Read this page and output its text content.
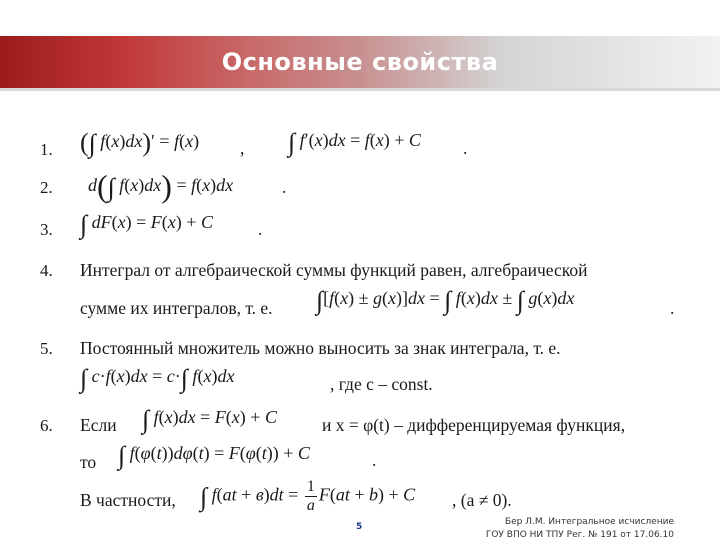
Основные свойства
1. (∫ f(x)dx)′ = f(x) , ∫ f′(x)dx = f(x) + C .
2. d(∫ f(x)dx) = f(x)dx	.
3. ∫ dF(x) = F(x) + C	.
4. Интеграл от алгебраической суммы функций равен, алгебраической
сумме их интегралов, т. е. ∫[f(x) ± g(x)]dx = ∫ f(x)dx ± ∫ g(x)dx	.
5. Постоянный множитель можно выносить за знак интеграла, т. е.
∫ c·f(x)dx = c·∫ f(x)dx	, где c – const.
6. Если ∫ f(x)dx = F(x) + C	и x = φ(t) – дифференцируемая функция,
то ∫ f(φ(t))dφ(t) = F(φ(t)) + C	.
В частности, ∫ $f(at + в)dt = \frac{1}{a} F(at + b) + C$ , (a ≠ 0).
5	Бер Л.М. Интегральное исчисление
ГОУ ВПО НИ ТПУ Рег. № 191 от 17.06.10
